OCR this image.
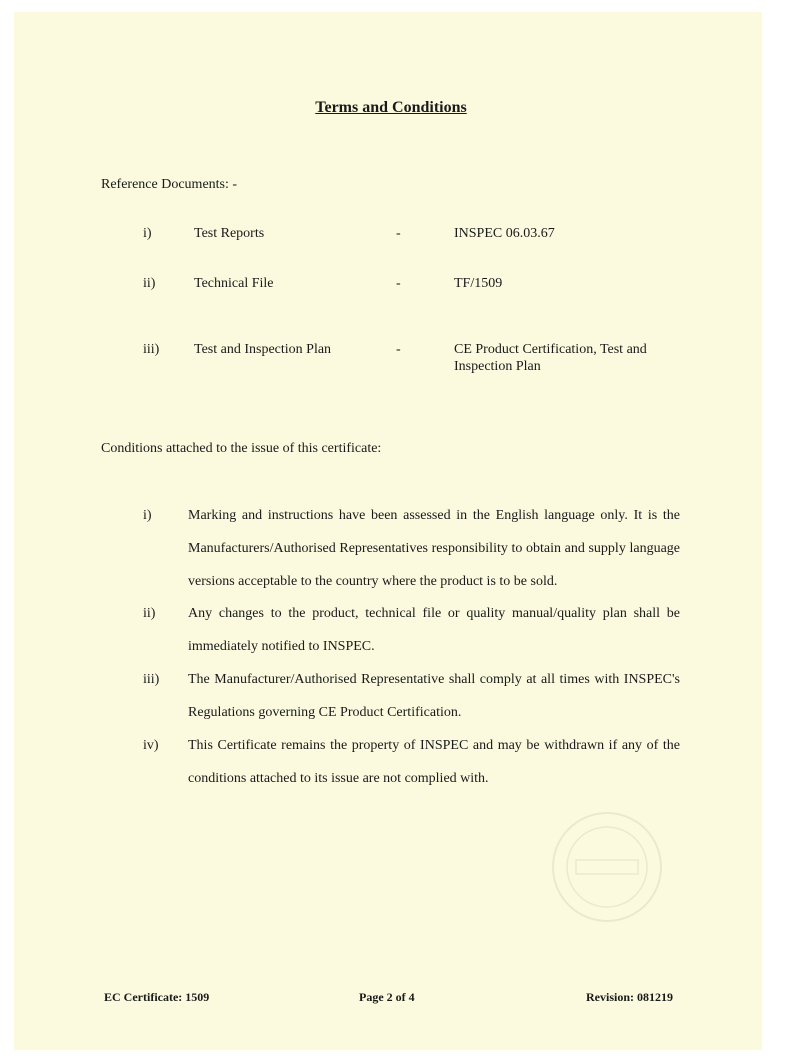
Terms and Conditions
Reference Documents: -
i)	Test Reports	-	INSPEC 06.03.67
ii)	Technical File	-	TF/1509
iii) Test and Inspection Plan	-	CE Product Certification, Test and Inspection Plan
Conditions attached to the issue of this certificate:
i)	Marking and instructions have been assessed in the English language only. It is the Manufacturers/Authorised Representatives responsibility to obtain and supply language versions acceptable to the country where the product is to be sold.
ii) Any changes to the product, technical file or quality manual/quality plan shall be immediately notified to INSPEC.
iii) The Manufacturer/Authorised Representative shall comply at all times with INSPEC's Regulations governing CE Product Certification.
iv) This Certificate remains the property of INSPEC and may be withdrawn if any of the conditions attached to its issue are not complied with.
EC Certificate: 1509	Page 2 of 4	Revision: 081219
